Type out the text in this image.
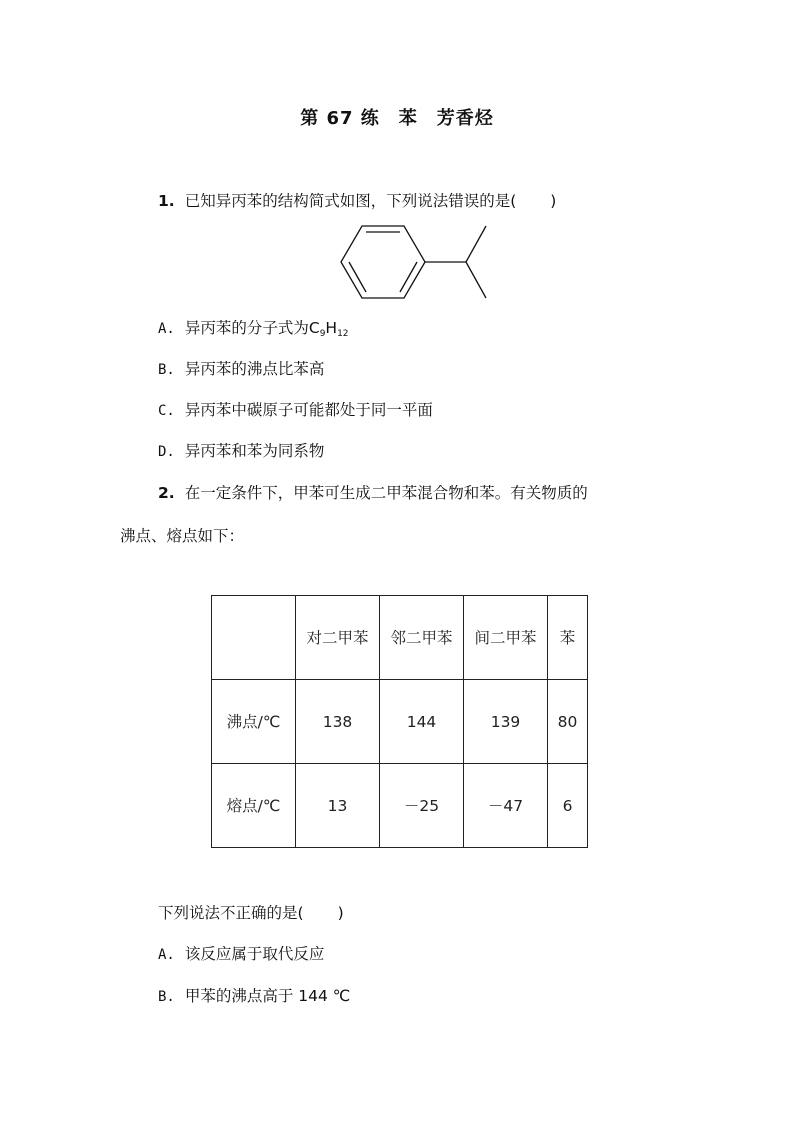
第 67 练　苯　芳香烃
1. 已知异丙苯的结构简式如图，下列说法错误的是( )
A. 异丙苯的分子式为$C_9H_{12}$
B. 异丙苯的沸点比苯高
C. 异丙苯中碳原子可能都处于同一平面
D. 异丙苯和苯为同系物
2. 在一定条件下，甲苯可生成二甲苯混合物和苯。有关物质的
沸点、熔点如下：
	对二甲苯	邻二甲苯	间二甲苯	苯
沸点/℃	138	144	139	80
熔点/℃	13	－25	－47	6
下列说法不正确的是( )
A. 该反应属于取代反应
B. 甲苯的沸点高于 144 ℃
